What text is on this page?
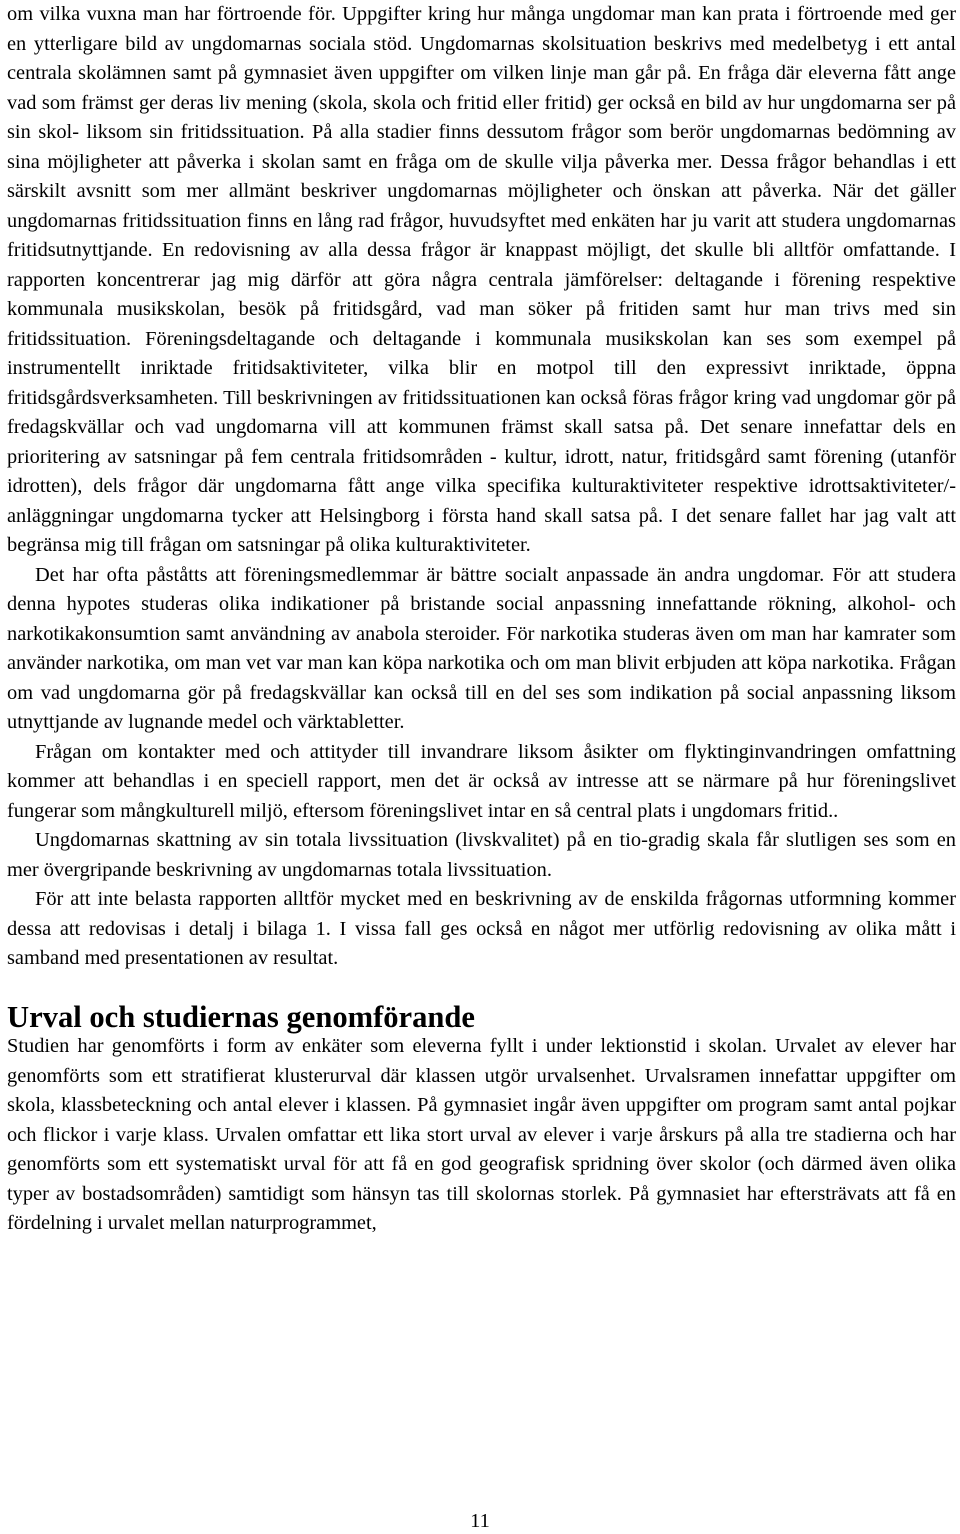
om vilka vuxna man har förtroende för. Uppgifter kring hur många ungdomar man kan prata i förtroende med ger en ytterligare bild av ungdomarnas sociala stöd. Ungdomarnas skolsituation beskrivs med medelbetyg i ett antal centrala skolämnen samt på gymnasiet även uppgifter om vilken linje man går på. En fråga där eleverna fått ange vad som främst ger deras liv mening (skola, skola och fritid eller fritid) ger också en bild av hur ungdomarna ser på sin skol- liksom sin fritidssituation. På alla stadier finns dessutom frågor som berör ungdomarnas bedömning av sina möjligheter att påverka i skolan samt en fråga om de skulle vilja påverka mer. Dessa frågor behandlas i ett särskilt avsnitt som mer allmänt beskriver ungdomarnas möjligheter och önskan att påverka. När det gäller ungdomarnas fritidssituation finns en lång rad frågor, huvudsyftet med enkäten har ju varit att studera ungdomarnas fritidsutnyttjande. En redovisning av alla dessa frågor är knappast möjligt, det skulle bli alltför omfattande. I rapporten koncentrerar jag mig därför att göra några centrala jämförelser: deltagande i förening respektive kommunala musikskolan, besök på fritidsgård, vad man söker på fritiden samt hur man trivs med sin fritidssituation. Föreningsdeltagande och deltagande i kommunala musikskolan kan ses som exempel på instrumentellt inriktade fritidsaktiviteter, vilka blir en motpol till den expressivt inriktade, öppna fritidsgårdsverksamheten. Till beskrivningen av fritidssituationen kan också föras frågor kring vad ungdomar gör på fredagskvällar och vad ungdomarna vill att kommunen främst skall satsa på. Det senare innefattar dels en prioritering av satsningar på fem centrala fritidsområden - kultur, idrott, natur, fritidsgård samt förening (utanför idrotten), dels frågor där ungdomarna fått ange vilka specifika kulturaktiviteter respektive idrottsaktiviteter/- anläggningar ungdomarna tycker att Helsingborg i första hand skall satsa på. I det senare fallet har jag valt att begränsa mig till frågan om satsningar på olika kulturaktiviteter.

Det har ofta påståtts att föreningsmedlemmar är bättre socialt anpassade än andra ungdomar. För att studera denna hypotes studeras olika indikationer på bristande social anpassning innefattande rökning, alkohol- och narkotikakonsumtion samt användning av anabola steroider. För narkotika studeras även om man har kamrater som använder narkotika, om man vet var man kan köpa narkotika och om man blivit erbjuden att köpa narkotika. Frågan om vad ungdomarna gör på fredagskvällar kan också till en del ses som indikation på social anpassning liksom utnyttjande av lugnande medel och värktabletter.

Frågan om kontakter med och attityder till invandrare liksom åsikter om flyktinginvandringen omfattning kommer att behandlas i en speciell rapport, men det är också av intresse att se närmare på hur föreningslivet fungerar som mångkulturell miljö, eftersom föreningslivet intar en så central plats i ungdomars fritid..

Ungdomarnas skattning av sin totala livssituation (livskvalitet) på en tio-gradig skala får slutligen ses som en mer övergripande beskrivning av ungdomarnas totala livssituation.

För att inte belasta rapporten alltför mycket med en beskrivning av de enskilda frågornas utformning kommer dessa att redovisas i detalj i bilaga 1. I vissa fall ges också en något mer utförlig redovisning av olika mått i samband med presentationen av resultat.

Urval och studiernas genomförande

Studien har genomförts i form av enkäter som eleverna fyllt i under lektionstid i skolan. Urvalet av elever har genomförts som ett stratifierat klusterurval där klassen utgör urvalsenhet. Urvalsramen innefattar uppgifter om skola, klassbeteckning och antal elever i klassen. På gymnasiet ingår även uppgifter om program samt antal pojkar och flickor i varje klass. Urvalen omfattar ett lika stort urval av elever i varje årskurs på alla tre stadierna och har genomförts som ett systematiskt urval för att få en god geografisk spridning över skolor (och därmed även olika typer av bostadsområden) samtidigt som hänsyn tas till skolornas storlek. På gymnasiet har eftersträvats att få en fördelning i urvalet mellan naturprogrammet,

11
